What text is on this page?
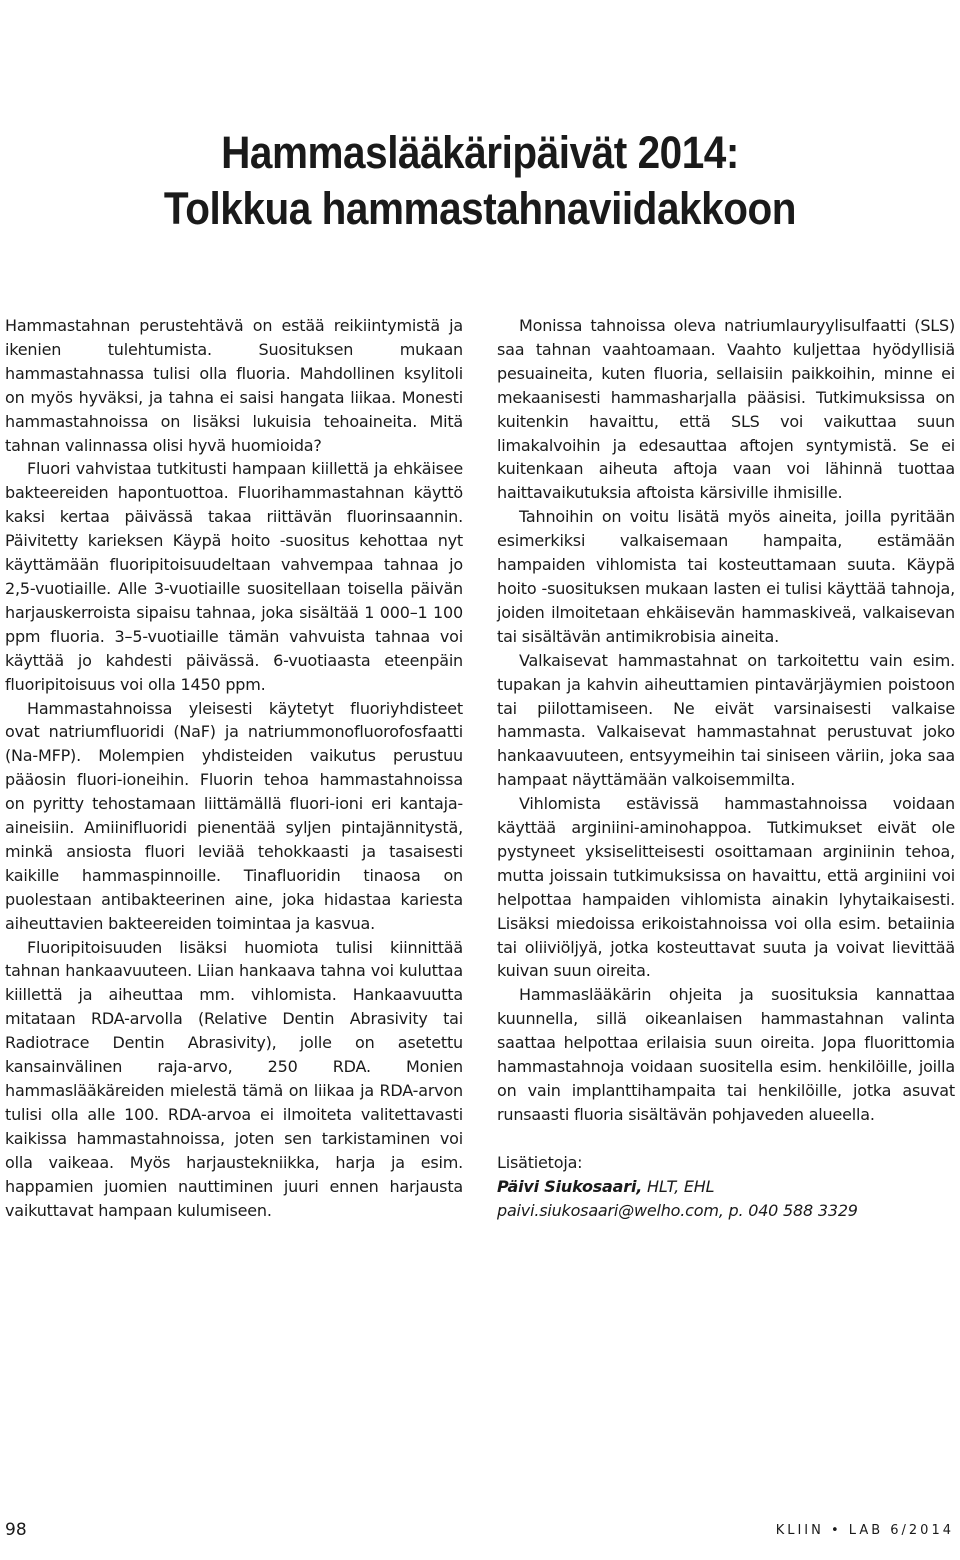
Hammaslääkäripäivät 2014:
Tolkkua hammastahnaviidakkoon

Hammastahnan perustehtävä on estää reikiintymistä ja ikenien tulehtumista. Suosituksen mukaan hammastahnassa tulisi olla fluoria. Mahdollinen ksylitoli on myös hyväksi, ja tahna ei saisi hangata liikaa. Monesti hammastahnoissa on lisäksi lukuisia tehoaineita. Mitä tahnan valinnassa olisi hyvä huomioida?

Fluori vahvistaa tutkitusti hampaan kiillettä ja ehkäisee bakteereiden hapontuottoa. Fluorihammastahnan käyttö kaksi kertaa päivässä takaa riittävän fluorinsaannin. Päivitetty karieksen Käypä hoito -suositus kehottaa nyt käyttämään fluoripitoisuudeltaan vahvempaa tahnaa jo 2,5-vuotiaille. Alle 3-vuotiaille suositellaan toisella päivän harjauskerroista sipaisu tahnaa, joka sisältää 1 000–1 100 ppm fluoria. 3–5-vuotiaille tämän vahvuista tahnaa voi käyttää jo kahdesti päivässä. 6-vuotiaasta eteenpäin fluoripitoisuus voi olla 1450 ppm.

Hammastahnoissa yleisesti käytetyt fluoriyhdisteet ovat natriumfluoridi (NaF) ja natriummonofluorofosfaatti (Na-MFP). Molempien yhdisteiden vaikutus perustuu pääosin fluori-ioneihin. Fluorin tehoa hammastahnoissa on pyritty tehostamaan liittämällä fluori-ioni eri kantaja-aineisiin. Amiinifluoridi pienentää syljen pintajännitystä, minkä ansiosta fluori leviää tehokkaasti ja tasaisesti kaikille hammaspinnoille. Tinafluoridin tinaosa on puolestaan antibakteerinen aine, joka hidastaa kariesta aiheuttavien bakteereiden toimintaa ja kasvua.

Fluoripitoisuuden lisäksi huomiota tulisi kiinnittää tahnan hankaavuuteen. Liian hankaava tahna voi kuluttaa kiillettä ja aiheuttaa mm. vihlomista. Hankaavuutta mitataan RDA-arvolla (Relative Dentin Abrasivity tai Radiotrace Dentin Abrasivity), jolle on asetettu kansainvälinen raja-arvo, 250 RDA. Monien hammaslääkäreiden mielestä tämä on liikaa ja RDA-arvon tulisi olla alle 100. RDA-arvoa ei ilmoiteta valitettavasti kaikissa hammastahnoissa, joten sen tarkistaminen voi olla vaikeaa. Myös harjaustekniikka, harja ja esim. happamien juomien nauttiminen juuri ennen harjausta vaikuttavat hampaan kulumiseen.

Monissa tahnoissa oleva natriumlauryylisulfaatti (SLS) saa tahnan vaahtoamaan. Vaahto kuljettaa hyödyllisiä pesuaineita, kuten fluoria, sellaisiin paikkoihin, minne ei mekaanisesti hammasharjalla pääsisi. Tutkimuksissa on kuitenkin havaittu, että SLS voi vaikuttaa suun limakalvoihin ja edesauttaa aftojen syntymistä. Se ei kuitenkaan aiheuta aftoja vaan voi lähinnä tuottaa haittavaikutuksia aftoista kärsiville ihmisille.

Tahnoihin on voitu lisätä myös aineita, joilla pyritään esimerkiksi valkaisemaan hampaita, estämään hampaiden vihlomista tai kosteuttamaan suuta. Käypä hoito -suosituksen mukaan lasten ei tulisi käyttää tahnoja, joiden ilmoitetaan ehkäisevän hammaskiveä, valkaisevan tai sisältävän antimikrobisia aineita.

Valkaisevat hammastahnat on tarkoitettu vain esim. tupakan ja kahvin aiheuttamien pintavärjäymien poistoon tai piilottamiseen. Ne eivät varsinaisesti valkaise hammasta. Valkaisevat hammastahnat perustuvat joko hankaavuuteen, entsyymeihin tai siniseen väriin, joka saa hampaat näyttämään valkoisemmilta.

Vihlomista estävissä hammastahnoissa voidaan käyttää arginiini-aminohappoa. Tutkimukset eivät ole pystyneet yksiselitteisesti osoittamaan arginiinin tehoa, mutta joissain tutkimuksissa on havaittu, että arginiini voi helpottaa hampaiden vihlomista ainakin lyhytaikaisesti. Lisäksi miedoissa erikoistahnoissa voi olla esim. betaiinia tai oliiviöljyä, jotka kosteuttavat suuta ja voivat lievittää kuivan suun oireita.

Hammaslääkärin ohjeita ja suosituksia kannattaa kuunnella, sillä oikeanlaisen hammastahnan valinta saattaa helpottaa erilaisia suun oireita. Jopa fluorittomia hammastahnoja voidaan suositella esim. henkilöille, joilla on vain implanttihampaita tai henkilöille, jotka asuvat runsaasti fluoria sisältävän pohjaveden alueella.

Lisätietoja:
Päivi Siukosaari, HLT, EHL
paivi.siukosaari@welho.com, p. 040 588 3329
98	KLIIN • LAB 6/2014
